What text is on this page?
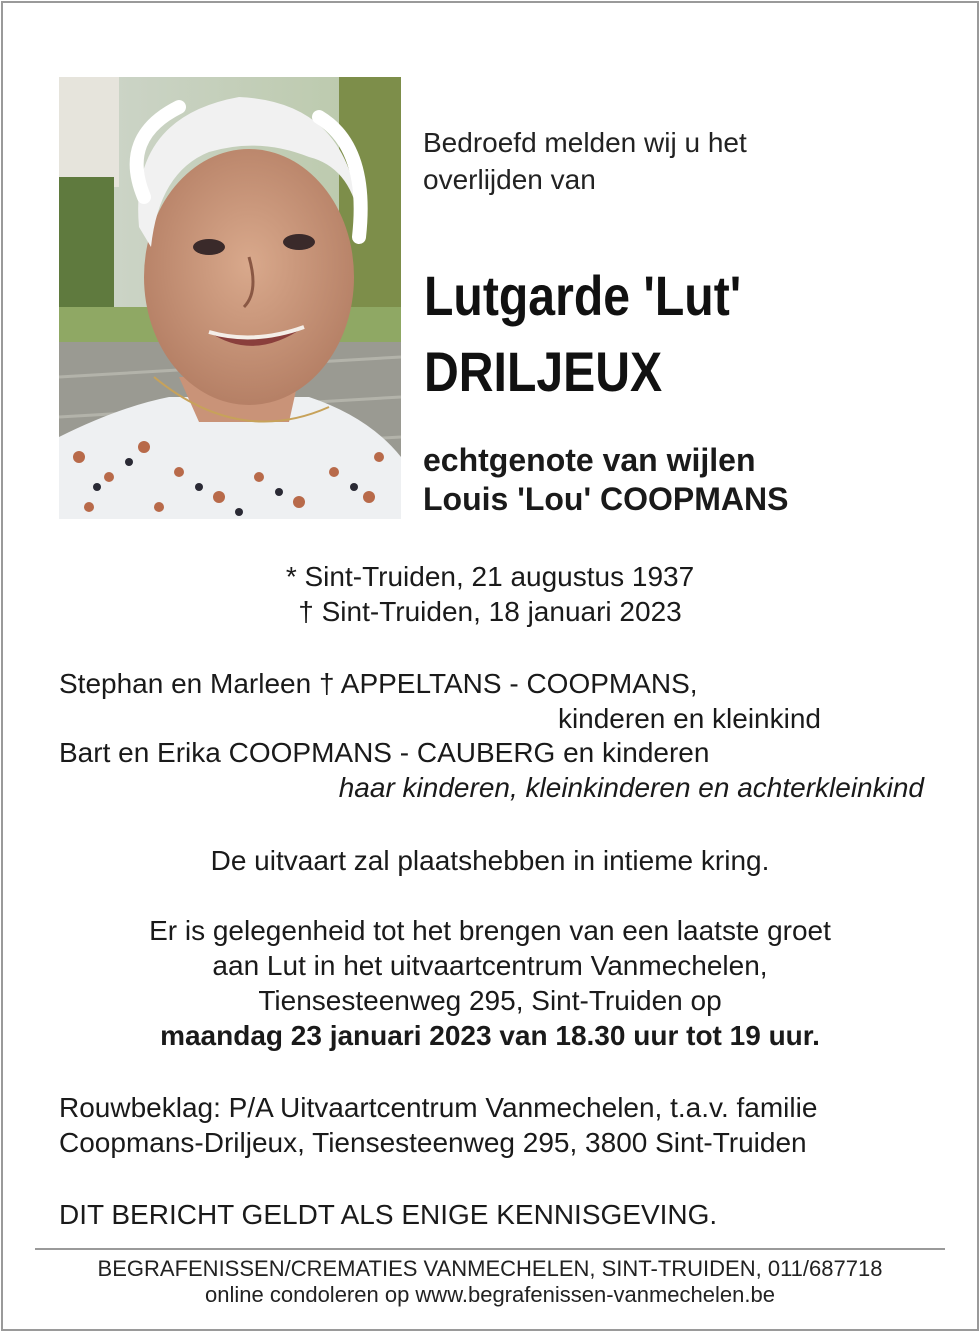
Bedroefd melden wij u het
overlijden van
Lutgarde 'Lut'
DRILJEUX
echtgenote van wijlen
Louis 'Lou' COOPMANS
* Sint-Truiden, 21 augustus 1937
† Sint-Truiden, 18 januari 2023
Stephan en Marleen † APPELTANS - COOPMANS,
kinderen en kleinkind
Bart en Erika COOPMANS - CAUBERG en kinderen
haar kinderen, kleinkinderen en achterkleinkind
De uitvaart zal plaatshebben in intieme kring.
Er is gelegenheid tot het brengen van een laatste groet
aan Lut in het uitvaartcentrum Vanmechelen,
Tiensesteenweg 295, Sint-Truiden op
maandag 23 januari 2023 van 18.30 uur tot 19 uur.
Rouwbeklag: P/A Uitvaartcentrum Vanmechelen, t.a.v. familie
Coopmans-Driljeux, Tiensesteenweg 295, 3800 Sint-Truiden
DIT BERICHT GELDT ALS ENIGE KENNISGEVING.
BEGRAFENISSEN/CREMATIES VANMECHELEN, SINT-TRUIDEN, 011/687718
online condoleren op www.begrafenissen-vanmechelen.be
